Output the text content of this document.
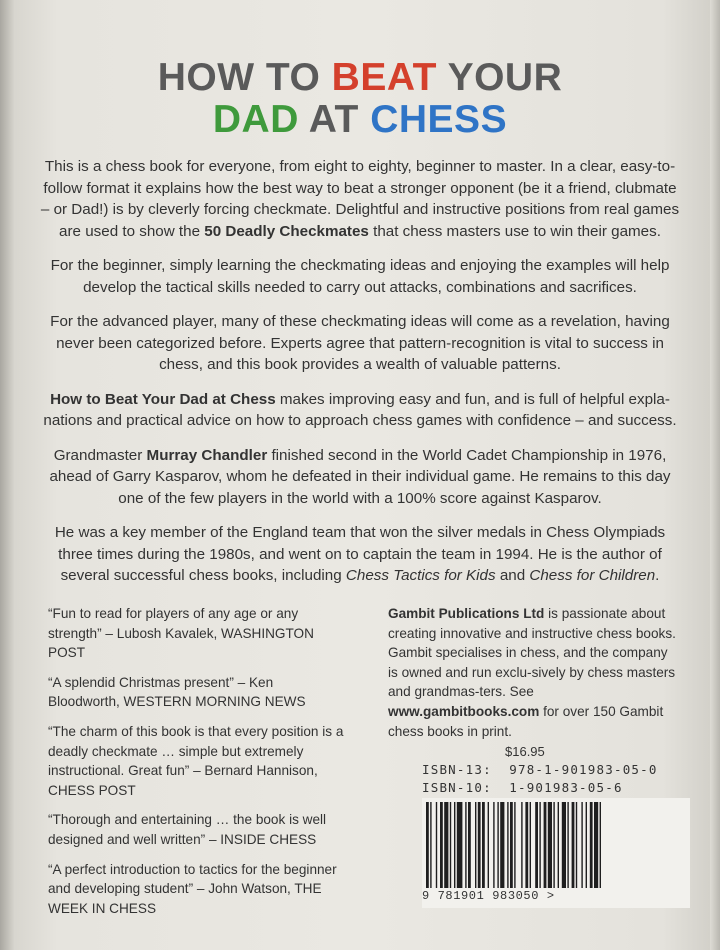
HOW TO BEAT YOUR
DAD AT CHESS

This is a chess book for everyone, from eight to eighty, beginner to master. In a clear, easy-to-follow format it explains how the best way to beat a stronger opponent (be it a friend, clubmate – or Dad!) is by cleverly forcing checkmate. Delightful and instructive positions from real games are used to show the 50 Deadly Checkmates that chess masters use to win their games.

For the beginner, simply learning the checkmating ideas and enjoying the examples will help develop the tactical skills needed to carry out attacks, combinations and sacrifices.

For the advanced player, many of these checkmating ideas will come as a revelation, having never been categorized before. Experts agree that pattern-recognition is vital to success in chess, and this book provides a wealth of valuable patterns.

How to Beat Your Dad at Chess makes improving easy and fun, and is full of helpful expla-nations and practical advice on how to approach chess games with confidence – and success.

Grandmaster Murray Chandler finished second in the World Cadet Championship in 1976, ahead of Garry Kasparov, whom he defeated in their individual game. He remains to this day one of the few players in the world with a 100% score against Kasparov.

He was a key member of the England team that won the silver medals in Chess Olympiads three times during the 1980s, and went on to captain the team in 1994. He is the author of several successful chess books, including Chess Tactics for Kids and Chess for Children.

“Fun to read for players of any age or any strength” – Lubosh Kavalek, WASHINGTON POST

“A splendid Christmas present” – Ken Bloodworth, WESTERN MORNING NEWS

“The charm of this book is that every position is a deadly checkmate … simple but extremely instructional. Great fun” – Bernard Hannison, CHESS POST

“Thorough and entertaining … the book is well designed and well written” – INSIDE CHESS

“A perfect introduction to tactics for the beginner and developing student” – John Watson, THE WEEK IN CHESS

Gambit Publications Ltd is passionate about creating innovative and instructive chess books. Gambit specialises in chess, and the company is owned and run exclu-sively by chess masters and grandmas-ters. See www.gambitbooks.com for over 150 Gambit chess books in print.
$16.95
ISBN-13:  978-1-901983-05-0
ISBN-10:  1-901983-05-6
9 781901 983050 >
